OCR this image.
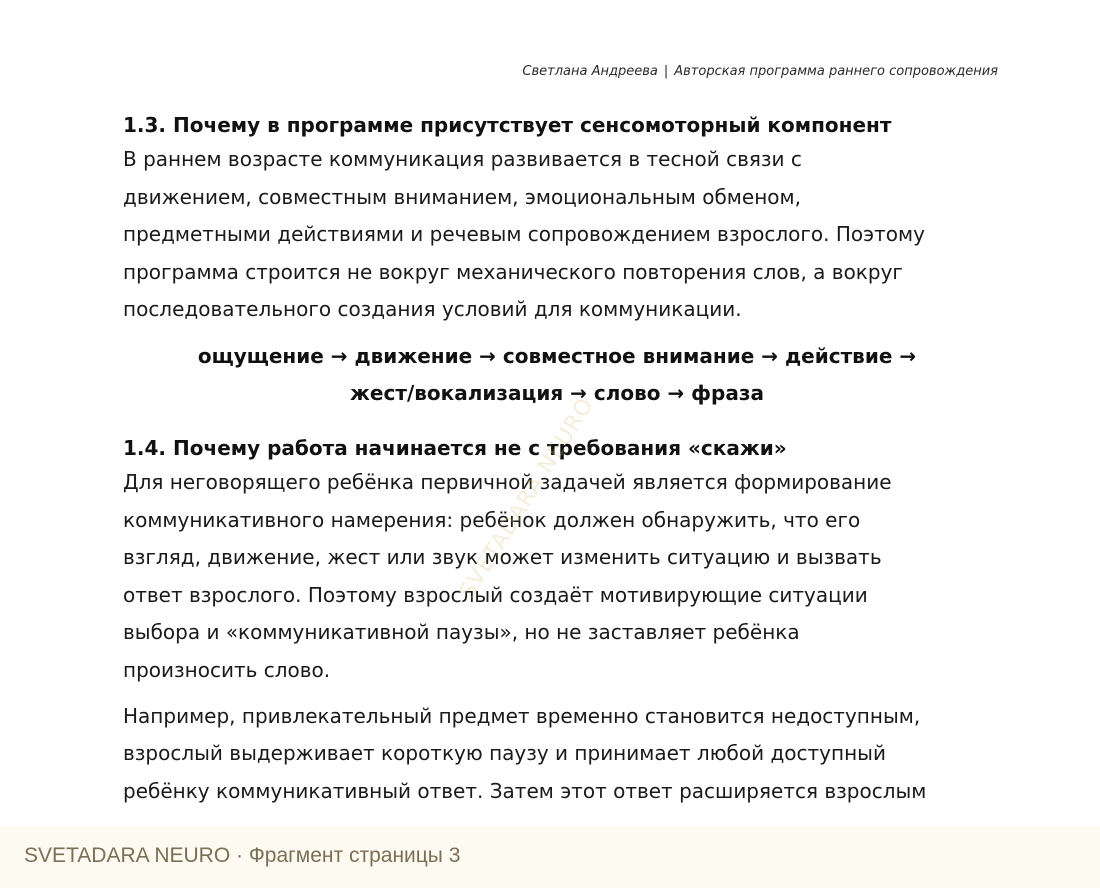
Светлана Андреева | Авторская программа раннего сопровождения
1.3. Почему в программе присутствует сенсомоторный компонент

В раннем возрасте коммуникация развивается в тесной связи с
движением, совместным вниманием, эмоциональным обменом,
предметными действиями и речевым сопровождением взрослого. Поэтому
программа строится не вокруг механического повторения слов, а вокруг
последовательного создания условий для коммуникации.

ощущение → движение → совместное внимание → действие →
жест/вокализация → слово → фраза
1.4. Почему работа начинается не с требования «скажи»

Для неговорящего ребёнка первичной задачей является формирование
коммуникативного намерения: ребёнок должен обнаружить, что его
взгляд, движение, жест или звук может изменить ситуацию и вызвать
ответ взрослого. Поэтому взрослый создаёт мотивирующие ситуации
выбора и «коммуникативной паузы», но не заставляет ребёнка
произносить слово.

Например, привлекательный предмет временно становится недоступным,
взрослый выдерживает короткую паузу и принимает любой доступный
ребёнку коммуникативный ответ. Затем этот ответ расширяется взрослым

SVETADARA NEURO
SVETADARA NEURO · Фрагмент страницы 3
